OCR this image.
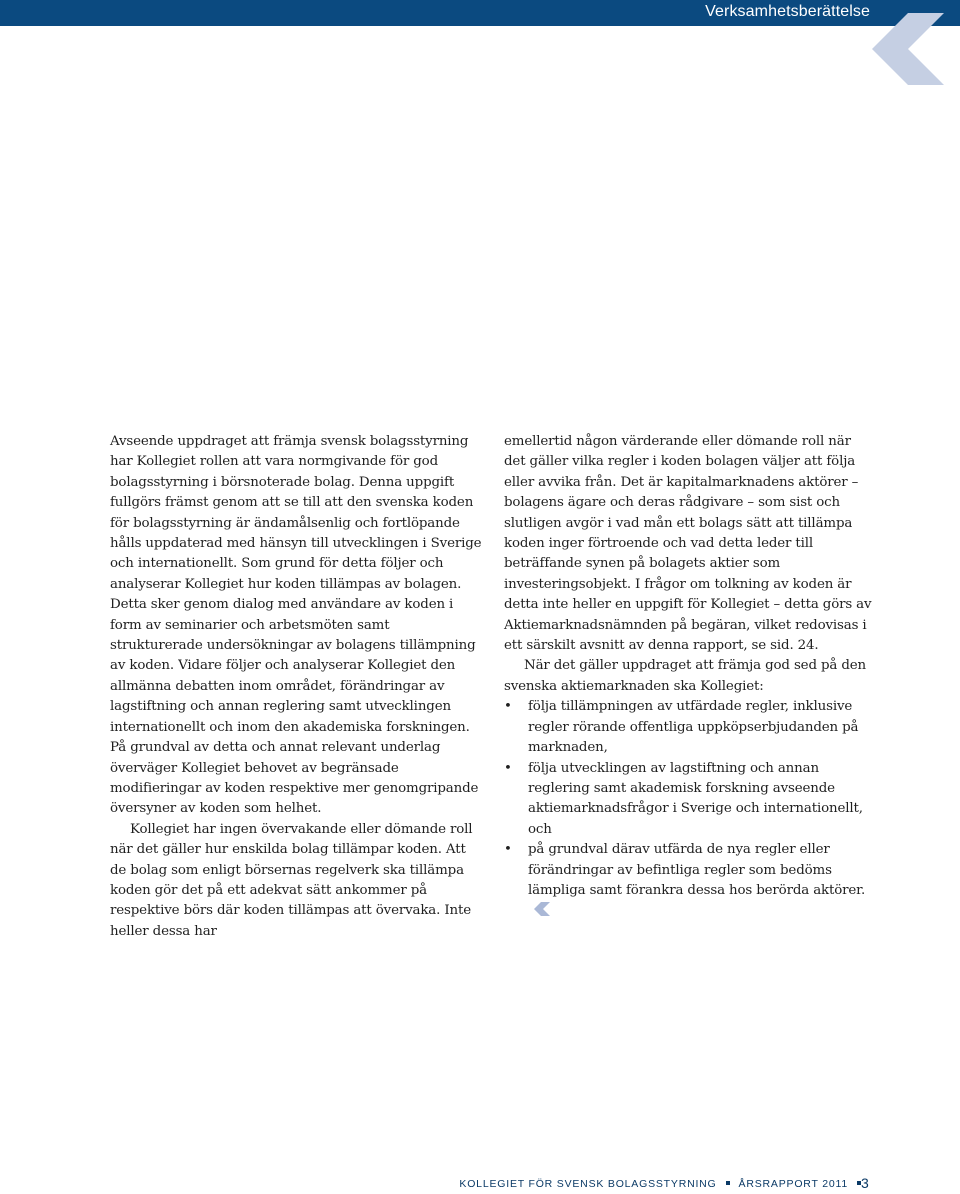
Verksamhetsberättelse

Avseende uppdraget att främja svensk bolagsstyrning har Kollegiet rollen att vara normgivande för god bolagsstyrning i börsnoterade bolag. Denna uppgift fullgörs främst genom att se till att den svenska koden för bolagsstyrning är ändamålsenlig och fortlöpande hålls uppdaterad med hänsyn till utvecklingen i Sverige och internationellt. Som grund för detta följer och analyserar Kollegiet hur koden tillämpas av bolagen. Detta sker genom dialog med användare av koden i form av seminarier och arbetsmöten samt strukturerade undersökningar av bolagens tillämpning av koden. Vidare följer och analyserar Kollegiet den allmänna debatten inom området, förändringar av lagstiftning och annan reglering samt utvecklingen internationellt och inom den akademiska forskningen. På grundval av detta och annat relevant underlag överväger Kollegiet behovet av begränsade modifieringar av koden respektive mer genomgripande översyner av koden som helhet.

Kollegiet har ingen övervakande eller dömande roll när det gäller hur enskilda bolag tillämpar koden. Att de bolag som enligt börsernas regelverk ska tillämpa koden gör det på ett adekvat sätt ankommer på respektive börs där koden tillämpas att övervaka. Inte heller dessa har

emellertid någon värderande eller dömande roll när det gäller vilka regler i koden bolagen väljer att följa eller avvika från. Det är kapitalmarknadens aktörer – bolagens ägare och deras rådgivare – som sist och slutligen avgör i vad mån ett bolags sätt att tillämpa koden inger förtroende och vad detta leder till beträffande synen på bolagets aktier som investeringsobjekt. I frågor om tolkning av koden är detta inte heller en uppgift för Kollegiet – detta görs av Aktiemarknadsnämnden på begäran, vilket redovisas i ett särskilt avsnitt av denna rapport, se sid. 24.

När det gäller uppdraget att främja god sed på den svenska aktiemarknaden ska Kollegiet:

•	följa tillämpningen av utfärdade regler, inklusive regler rörande offentliga uppköpserbjudanden på marknaden,
•	följa utvecklingen av lagstiftning och annan reglering samt akademisk forskning avseende aktiemarknadsfrågor i Sverige och internationellt, och
•	på grundval därav utfärda de nya regler eller förändringar av befintliga regler som bedöms lämpliga samt förankra dessa hos berörda aktörer.
KOLLEGIET FÖR SVENSK BOLAGSSTYRNING ÅRSRAPPORT 2011 3
